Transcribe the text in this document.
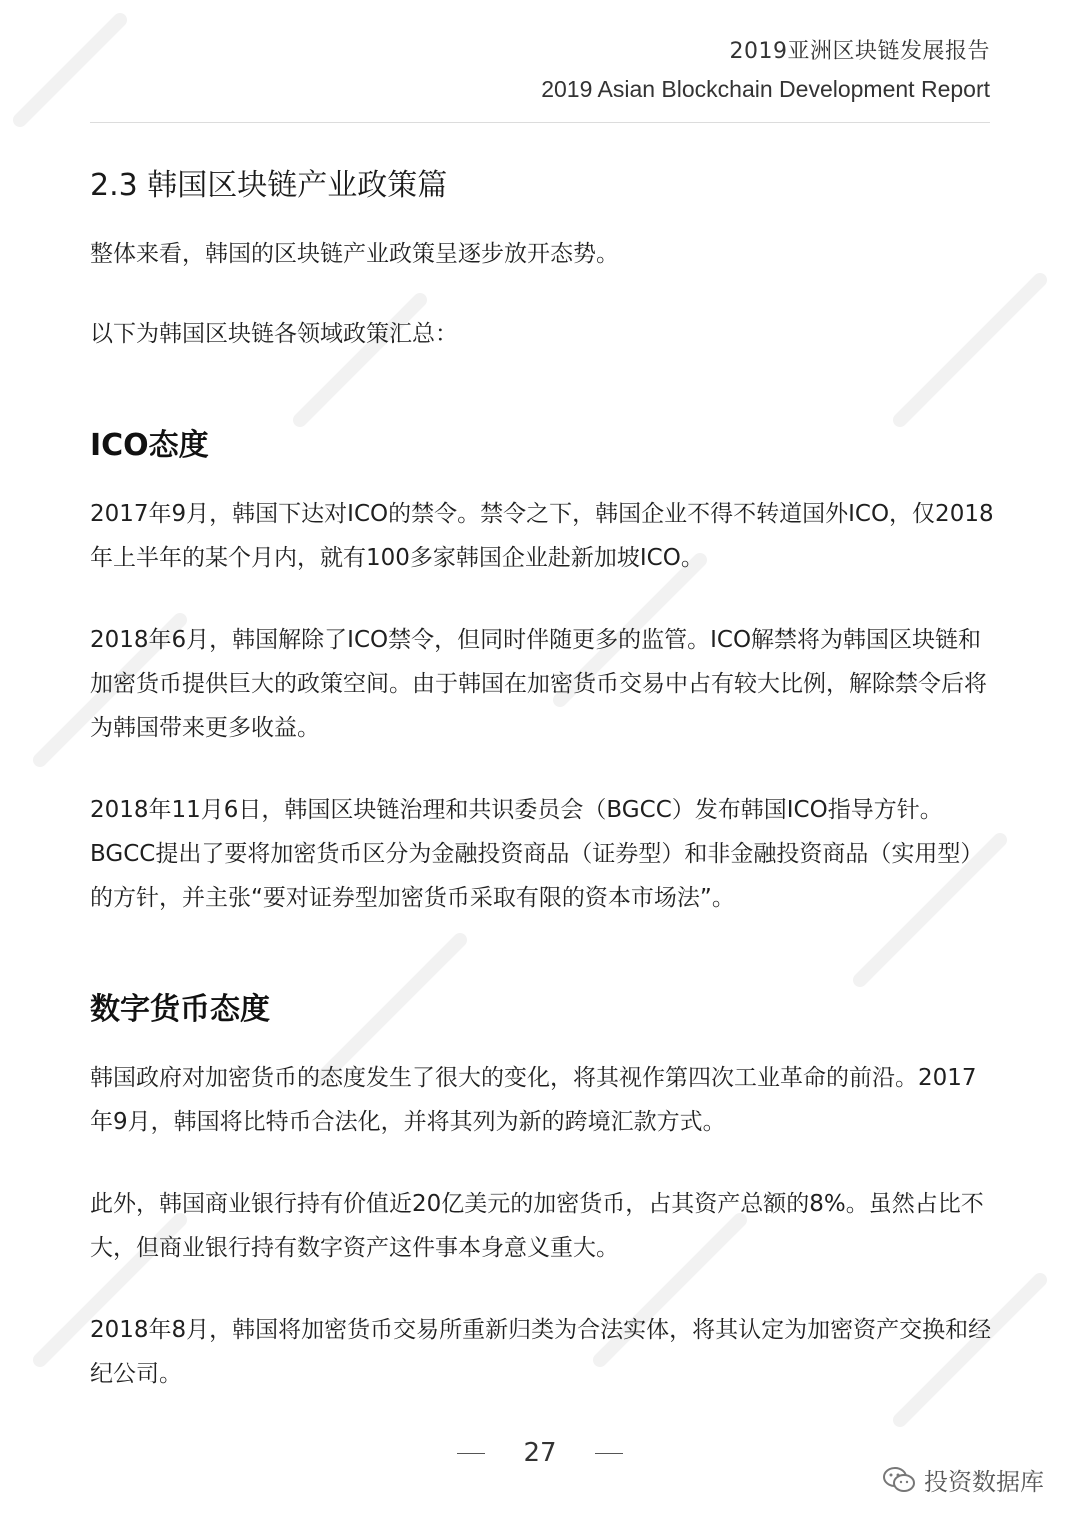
2019亚洲区块链发展报告
2019 Asian Blockchain Development Report
2.3 韩国区块链产业政策篇

整体来看，韩国的区块链产业政策呈逐步放开态势。

以下为韩国区块链各领域政策汇总：

ICO态度

2017年9月，韩国下达对ICO的禁令。禁令之下，韩国企业不得不转道国外ICO，仅2018年上半年的某个月内，就有100多家韩国企业赴新加坡ICO。

2018年6月，韩国解除了ICO禁令，但同时伴随更多的监管。ICO解禁将为韩国区块链和加密货币提供巨大的政策空间。由于韩国在加密货币交易中占有较大比例，解除禁令后将为韩国带来更多收益。

2018年11月6日，韩国区块链治理和共识委员会（BGCC）发布韩国ICO指导方针。BGCC提出了要将加密货币区分为金融投资商品（证券型）和非金融投资商品（实用型）的方针，并主张“要对证券型加密货币采取有限的资本市场法”。

数字货币态度

韩国政府对加密货币的态度发生了很大的变化，将其视作第四次工业革命的前沿。2017年9月，韩国将比特币合法化，并将其列为新的跨境汇款方式。

此外，韩国商业银行持有价值近20亿美元的加密货币，占其资产总额的8%。虽然占比不大，但商业银行持有数字资产这件事本身意义重大。

2018年8月，韩国将加密货币交易所重新归类为合法实体，将其认定为加密资产交换和经纪公司。

27
投资数据库
